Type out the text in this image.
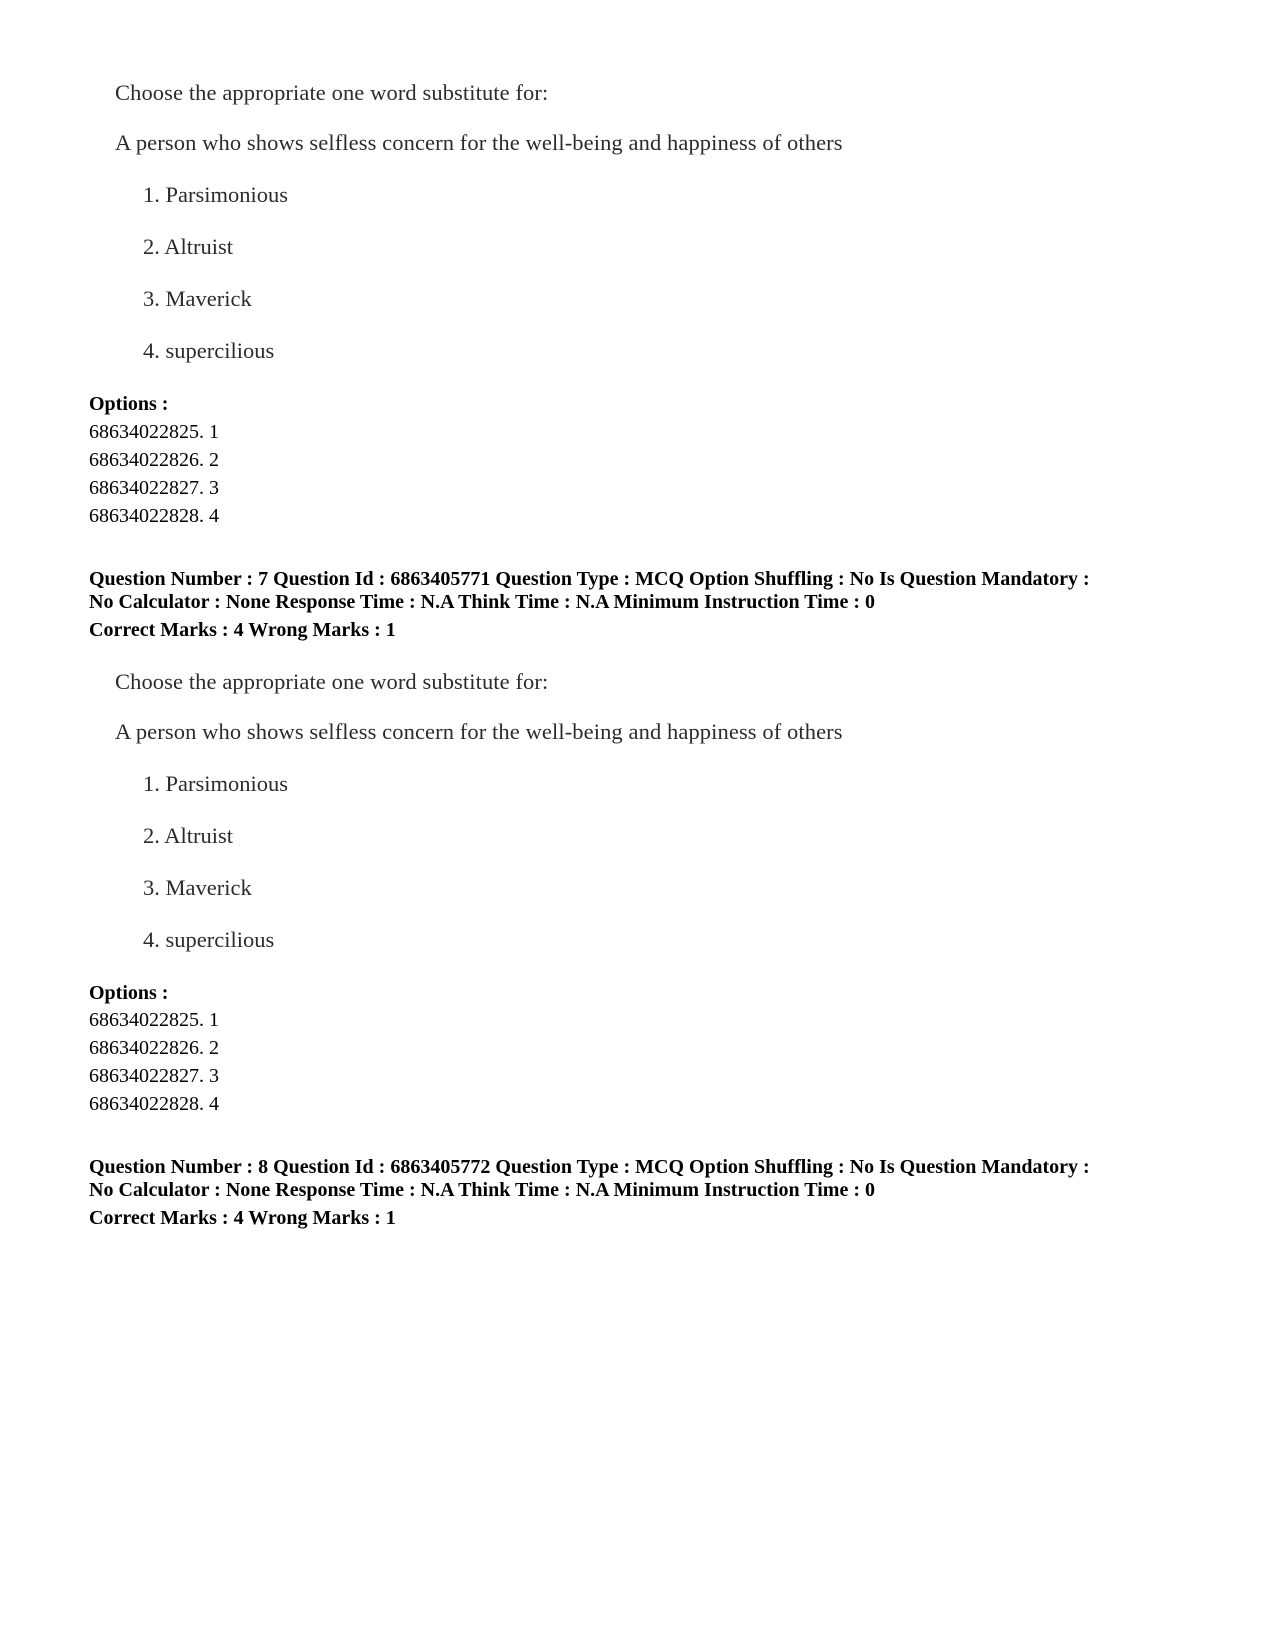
Choose the appropriate one word substitute for:
A person who shows selfless concern for the well-being and happiness of others
1. Parsimonious
2. Altruist
3. Maverick
4. supercilious
Options :
68634022825. 1
68634022826. 2
68634022827. 3
68634022828. 4
Question Number : 7 Question Id : 6863405771 Question Type : MCQ Option Shuffling : No Is Question Mandatory :
No Calculator : None Response Time : N.A Think Time : N.A Minimum Instruction Time : 0
Correct Marks : 4 Wrong Marks : 1
Choose the appropriate one word substitute for:
A person who shows selfless concern for the well-being and happiness of others
1. Parsimonious
2. Altruist
3. Maverick
4. supercilious
Options :
68634022825. 1
68634022826. 2
68634022827. 3
68634022828. 4
Question Number : 8 Question Id : 6863405772 Question Type : MCQ Option Shuffling : No Is Question Mandatory :
No Calculator : None Response Time : N.A Think Time : N.A Minimum Instruction Time : 0
Correct Marks : 4 Wrong Marks : 1
